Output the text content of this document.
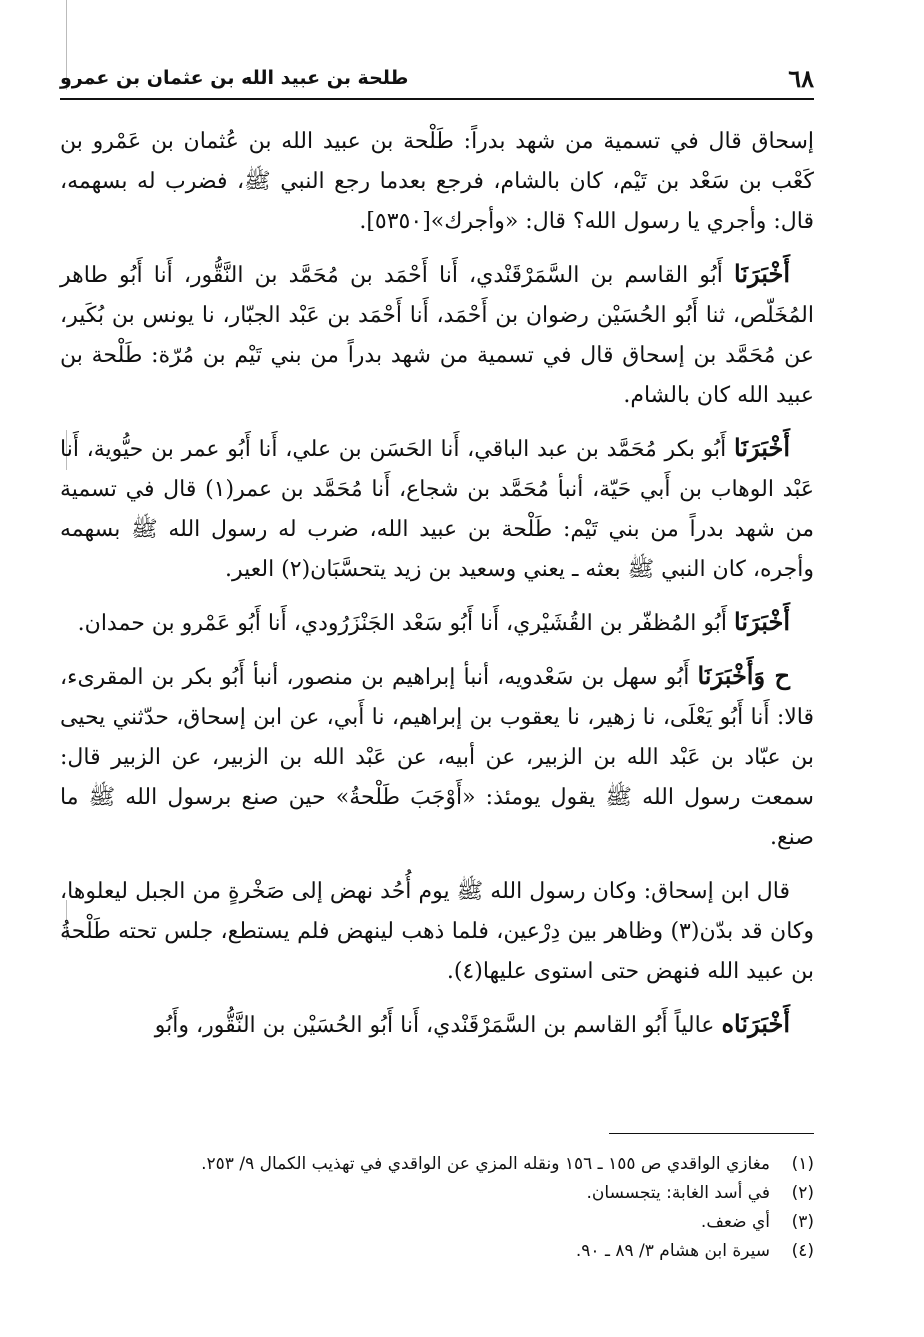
٦٨
طلحة بن عبيد الله بن عثمان بن عمرو

إسحاق قال في تسمية من شهد بدراً: طَلْحة بن عبيد الله بن عُثمان بن عَمْرو بن كَعْب بن سَعْد بن تَيْم، كان بالشام، فرجع بعدما رجع النبي ﷺ، فضرب له بسهمه، قال: وأجري يا رسول الله؟ قال: «وأجرك»[٥٣٥٠].

أَخْبَرَنَا أَبُو القاسم بن السَّمَرْقَنْدي، أَنا أَحْمَد بن مُحَمَّد بن النَّقُّور، أَنا أَبُو طاهر المُخَلّص، ثنا أَبُو الحُسَيْن رضوان بن أَحْمَد، أَنا أَحْمَد بن عَبْد الجبّار، نا يونس بن بُكَير، عن مُحَمَّد بن إسحاق قال في تسمية من شهد بدراً من بني تَيْم بن مُرّة: طَلْحة بن عبيد الله كان بالشام.

أَخْبَرَنَا أَبُو بكر مُحَمَّد بن عبد الباقي، أَنا الحَسَن بن علي، أَنا أَبُو عمر بن حيُّوية، أَنا عَبْد الوهاب بن أَبي حَيّة، أنبأ مُحَمَّد بن شجاع، أَنا مُحَمَّد بن عمر(١) قال في تسمية من شهد بدراً من بني تَيْم: طَلْحة بن عبيد الله، ضرب له رسول الله ﷺ بسهمه وأجره، كان النبي ﷺ بعثه ـ يعني وسعيد بن زيد يتحسَّبَان(٢) العير.

أَخْبَرَنَا أَبُو المُظفّر بن القُشَيْري، أَنا أَبُو سَعْد الجَنْزَرُودي، أَنا أَبُو عَمْرو بن حمدان.

ح وَأَخْبَرَنَا أَبُو سهل بن سَعْدويه، أنبأ إبراهيم بن منصور، أنبأ أَبُو بكر بن المقرىء، قالا: أَنا أَبُو يَعْلَى، نا زهير، نا يعقوب بن إبراهيم، نا أَبي، عن ابن إسحاق، حدّثني يحيى بن عبّاد بن عَبْد الله بن الزبير، عن أبيه، عن عَبْد الله بن الزبير، عن الزبير قال: سمعت رسول الله ﷺ يقول يومئذ: «أَوْجَبَ طَلْحةُ» حين صنع برسول الله ﷺ ما صنع.

قال ابن إسحاق: وكان رسول الله ﷺ يوم أُحُد نهض إلى صَخْرةٍ من الجبل ليعلوها، وكان قد بدّن(٣) وظاهر بين دِرْعين، فلما ذهب لينهض فلم يستطع، جلس تحته طَلْحةُ بن عبيد الله فنهض حتى استوى عليها(٤).

أَخْبَرَنَاه عالياً أَبُو القاسم بن السَّمَرْقَنْدي، أَنا أَبُو الحُسَيْن بن النَّقُّور، وأَبُو

(١)
مغازي الواقدي ص ١٥٥ ـ ١٥٦ ونقله المزي عن الواقدي في تهذيب الكمال ٩/ ٢٥٣.
(٢)
في أسد الغابة: يتجسسان.
(٣)
أي ضعف.
(٤)
سيرة ابن هشام ٣/ ٨٩ ـ ٩٠.
